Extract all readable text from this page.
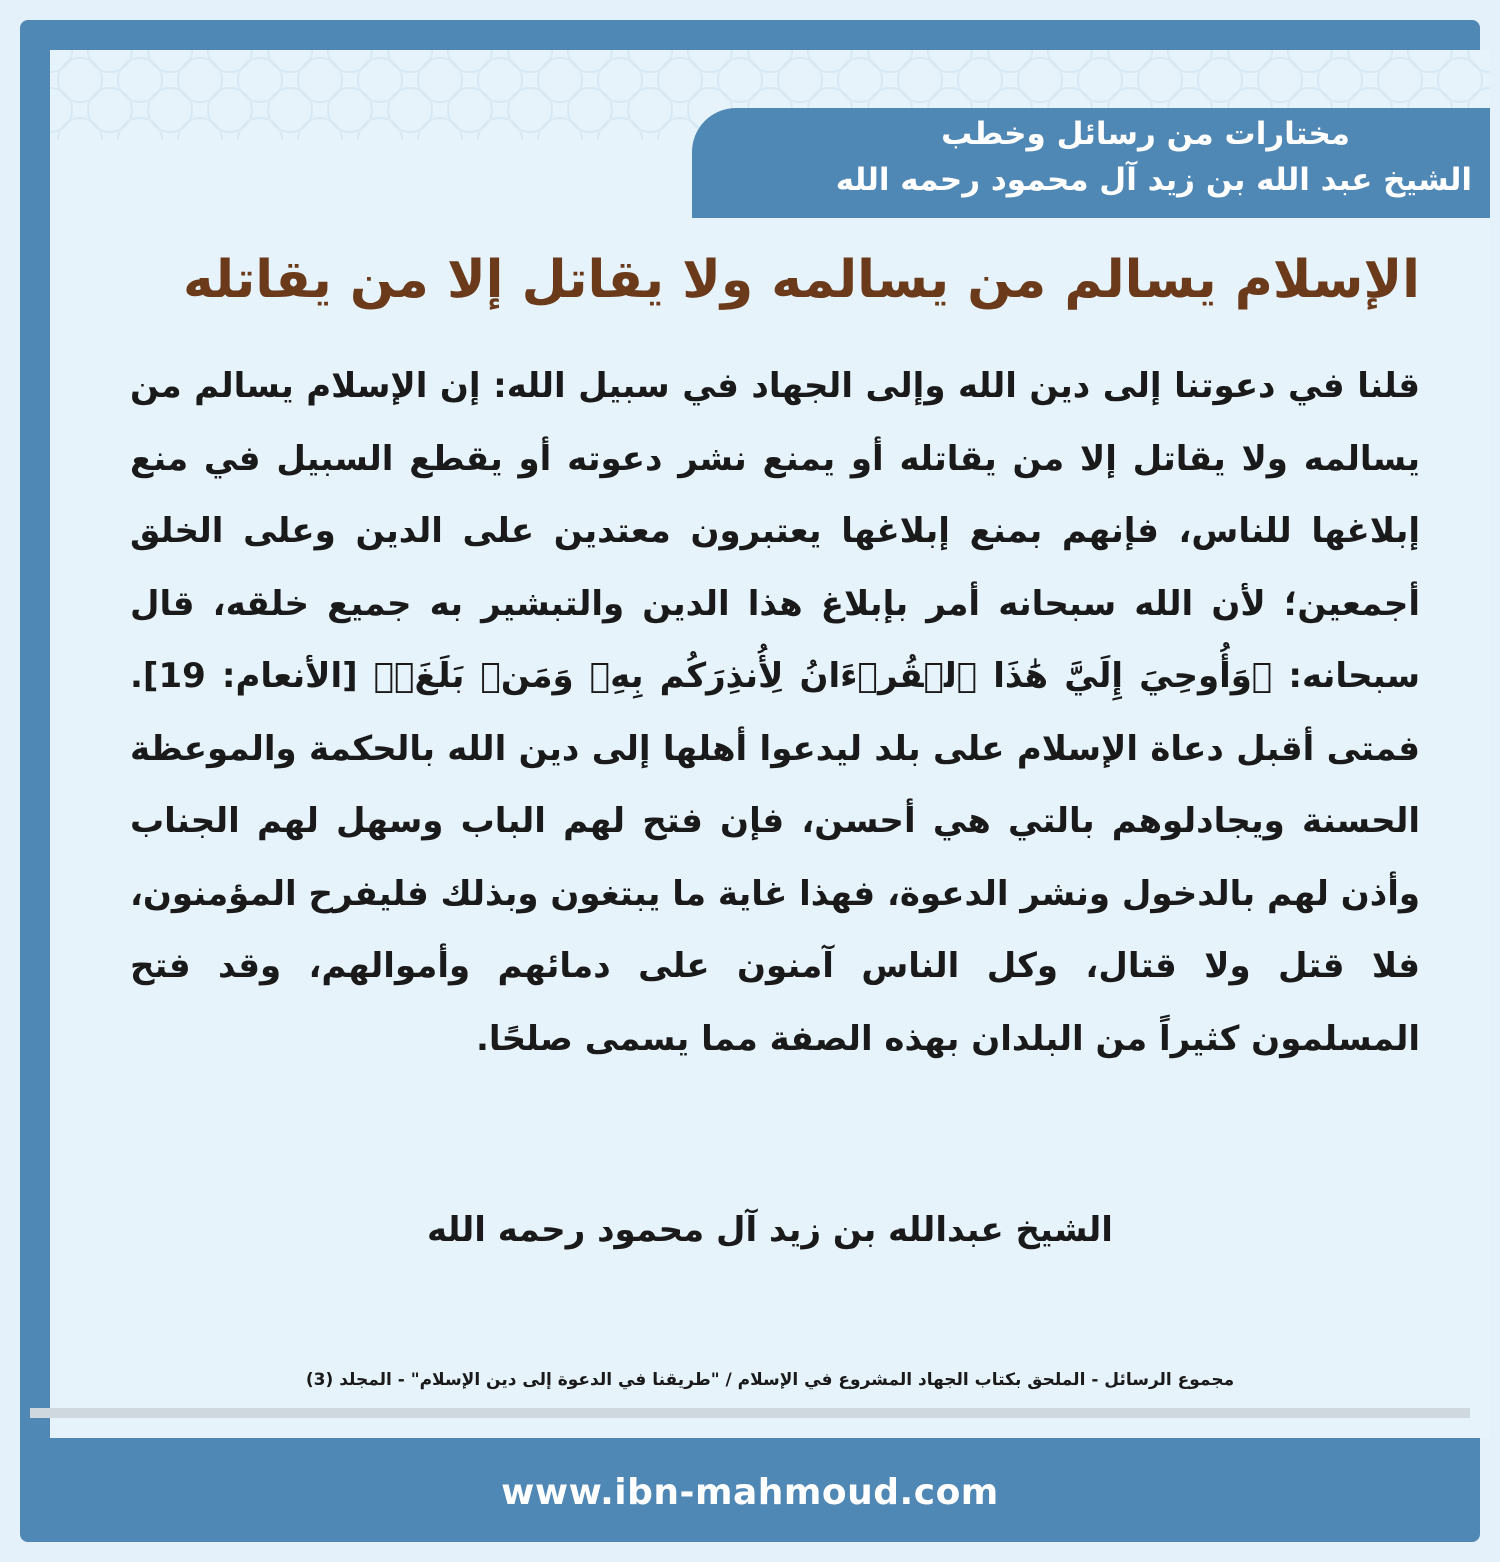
مختارات من رسائل وخطب
الشيخ عبد الله بن زيد آل محمود رحمه الله
الإسلام يسالم من يسالمه ولا يقاتل إلا من يقاتله
قلنا في دعوتنا إلى دين الله وإلى الجهاد في سبيل الله: إن الإسلام يسالم من يسالمه ولا يقاتل إلا من يقاتله أو يمنع نشر دعوته أو يقطع السبيل في منع إبلاغها للناس، فإنهم بمنع إبلاغها يعتبرون معتدين على الدين وعلى الخلق أجمعين؛ لأن الله سبحانه أمر بإبلاغ هذا الدين والتبشير به جميع خلقه، قال سبحانه: ﴿وَأُوحِيَ إِلَيَّ هَٰذَا ٱلۡقُرۡءَانُ لِأُنذِرَكُم بِهِۦ وَمَنۢ بَلَغَۚ﴾ [الأنعام: 19]. فمتى أقبل دعاة الإسلام على بلد ليدعوا أهلها إلى دين الله بالحكمة والموعظة الحسنة ويجادلوهم بالتي هي أحسن، فإن فتح لهم الباب وسهل لهم الجناب وأذن لهم بالدخول ونشر الدعوة، فهذا غاية ما يبتغون وبذلك فليفرح المؤمنون، فلا قتل ولا قتال، وكل الناس آمنون على دمائهم وأموالهم، وقد فتح المسلمون كثيراً من البلدان بهذه الصفة مما يسمى صلحًا.
الشيخ عبدالله بن زيد آل محمود رحمه الله
مجموع الرسائل - الملحق بكتاب الجهاد المشروع في الإسلام / "طريقنا في الدعوة إلى دين الإسلام" - المجلد (3)
www.ibn-mahmoud.com
